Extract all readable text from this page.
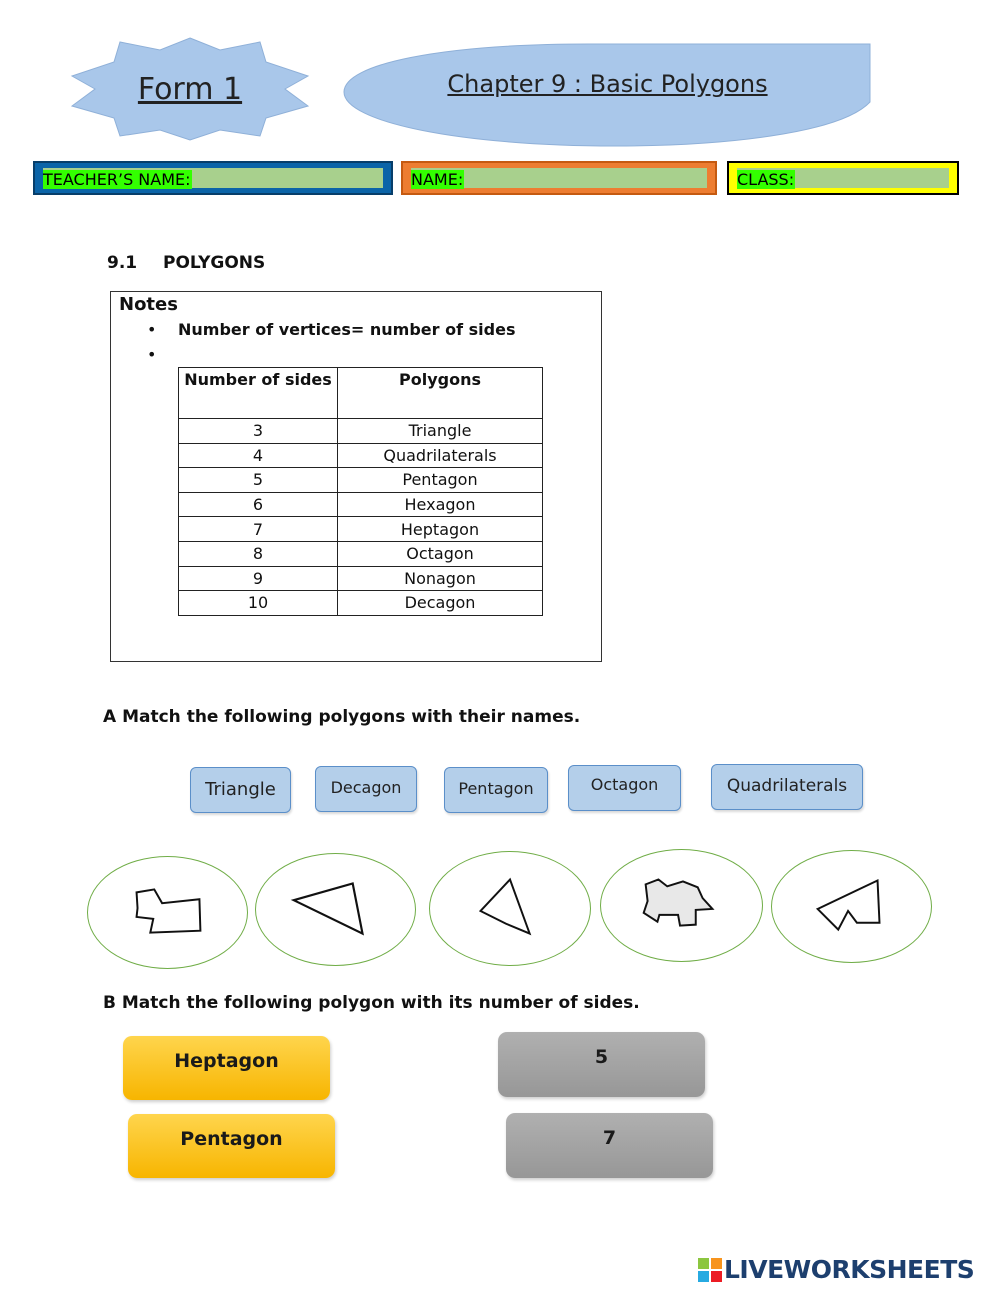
Form 1	Chapter 9 : Basic Polygons
TEACHER’S NAME:	NAME:	CLASS:
9.1 POLYGONS
Notes
• Number of vertices= number of sides
•
Number of sides	Polygons
3	Triangle
4	Quadrilaterals
5	Pentagon
6	Hexagon
7	Heptagon
8	Octagon
9	Nonagon
10	Decagon
A Match the following polygons with their names.
Triangle	Decagon	Pentagon	Octagon	Quadrilaterals
B Match the following polygon with its number of sides.
Heptagon
Pentagon
5
7
LIVEWORKSHEETS
